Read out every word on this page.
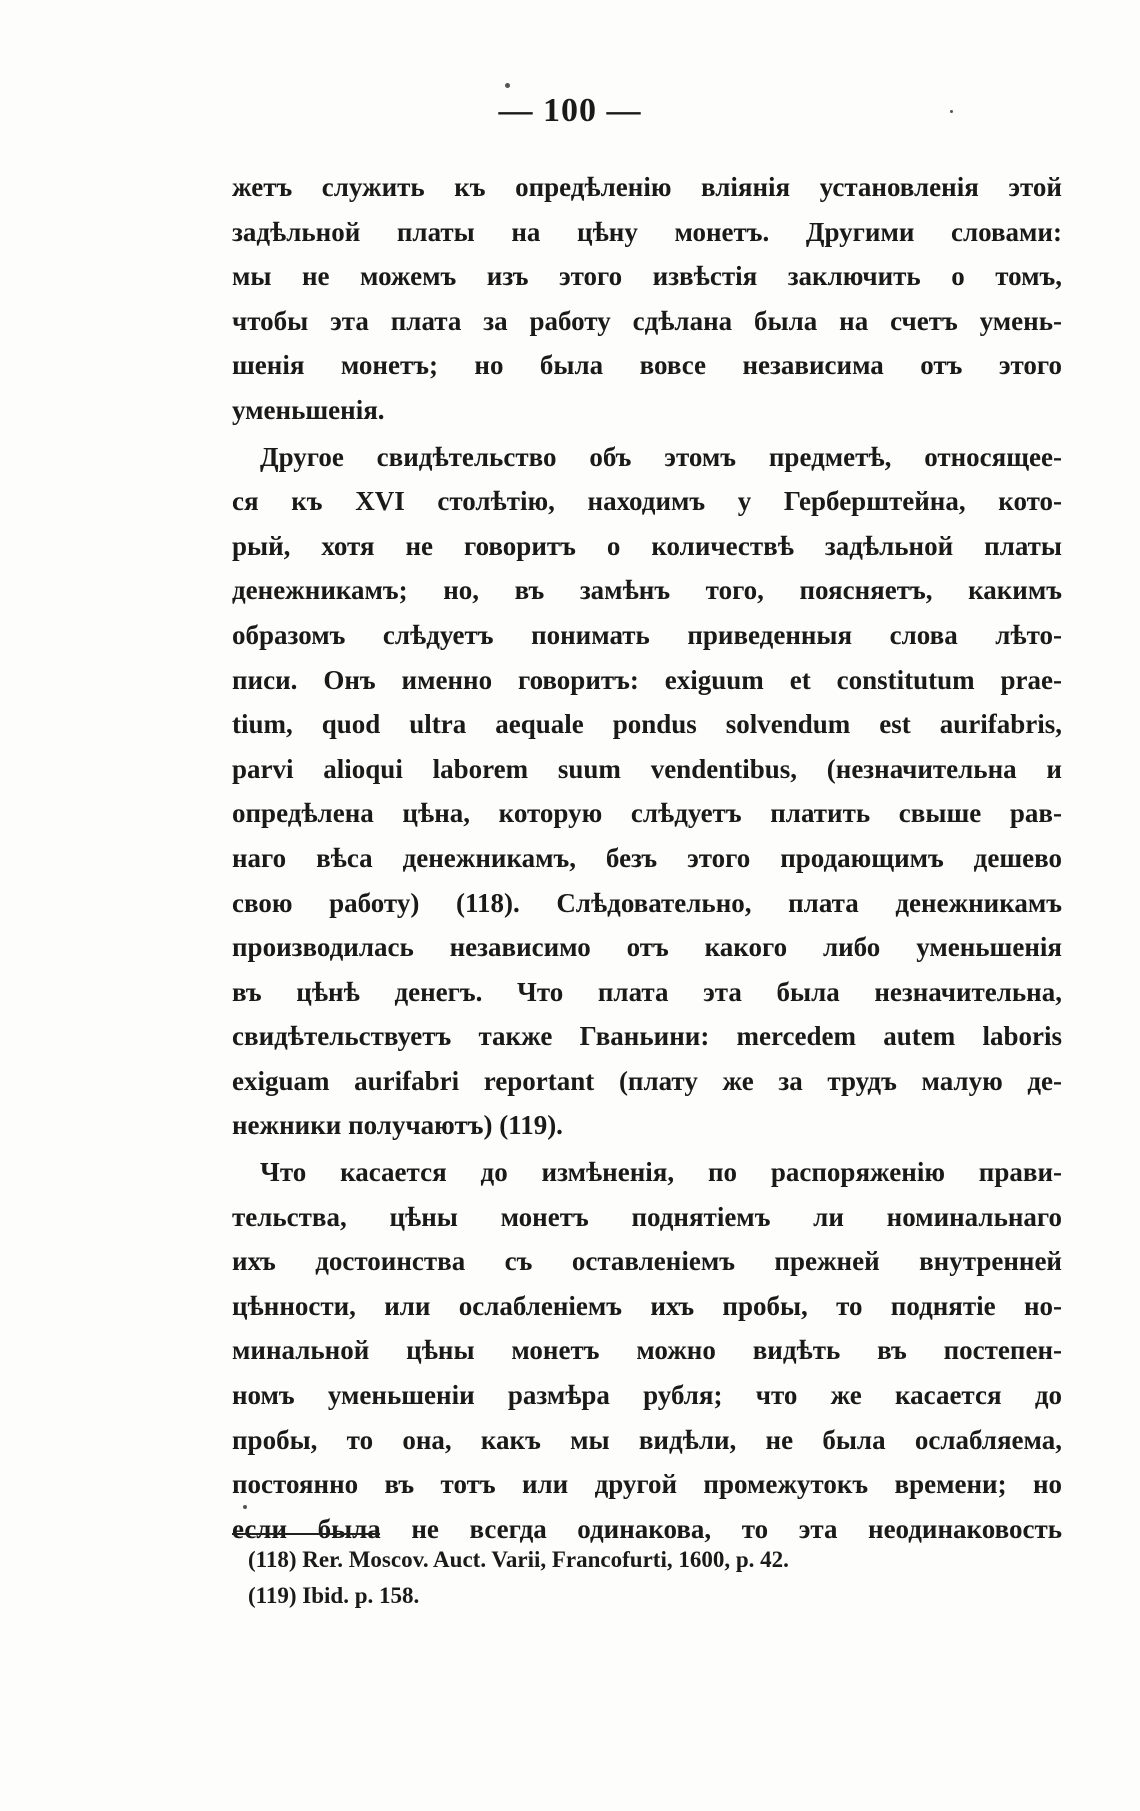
— 100 —
жетъ служить къ опредѣленію вліянія установленія этой
задѣльной платы на цѣну монетъ. Другими словами:
мы не можемъ изъ этого извѣстія заключить о томъ,
чтобы эта плата за работу сдѣлана была на счетъ умень-
шенія монетъ; но была вовсе независима отъ этого
уменьшенія.
Другое свидѣтельство объ этомъ предметѣ, относящее-
ся къ XVI столѣтію, находимъ у Герберштейна, кото-
рый, хотя не говоритъ о количествѣ задѣльной платы
денежникамъ; но, въ замѣнъ того, поясняетъ, какимъ
образомъ слѣдуетъ понимать приведенныя слова лѣто-
писи. Онъ именно говоритъ: exiguum et constitutum prae-
tium, quod ultra aequale pondus solvendum est aurifabris,
parvi alioqui laborem suum vendentibus, (незначительна и
опредѣлена цѣна, которую слѣдуетъ платить свыше рав-
наго вѣса денежникамъ, безъ этого продающимъ дешево
свою работу) (118). Слѣдовательно, плата денежникамъ
производилась независимо отъ какого либо уменьшенія
въ цѣнѣ денегъ. Что плата эта была незначительна,
свидѣтельствуетъ также Гваньини: mercedem autem laboris
exiguam aurifabri reportant (плату же за трудъ малую де-
нежники получаютъ) (119).
Что касается до измѣненія, по распоряженію прави-
тельства, цѣны монетъ поднятіемъ ли номинальнаго
ихъ достоинства съ оставленіемъ прежней внутренней
цѣнности, или ослабленіемъ ихъ пробы, то поднятіе но-
минальной цѣны монетъ можно видѣть въ постепен-
номъ уменьшеніи размѣра рубля; что же касается до
пробы, то она, какъ мы видѣли, не была ослабляема,
постоянно въ тотъ или другой промежутокъ времени; но
если была не всегда одинакова, то эта неодинаковость
(118) Rer. Moscov. Auct. Varii, Francofurti, 1600, p. 42.
(119) Ibid. p. 158.
